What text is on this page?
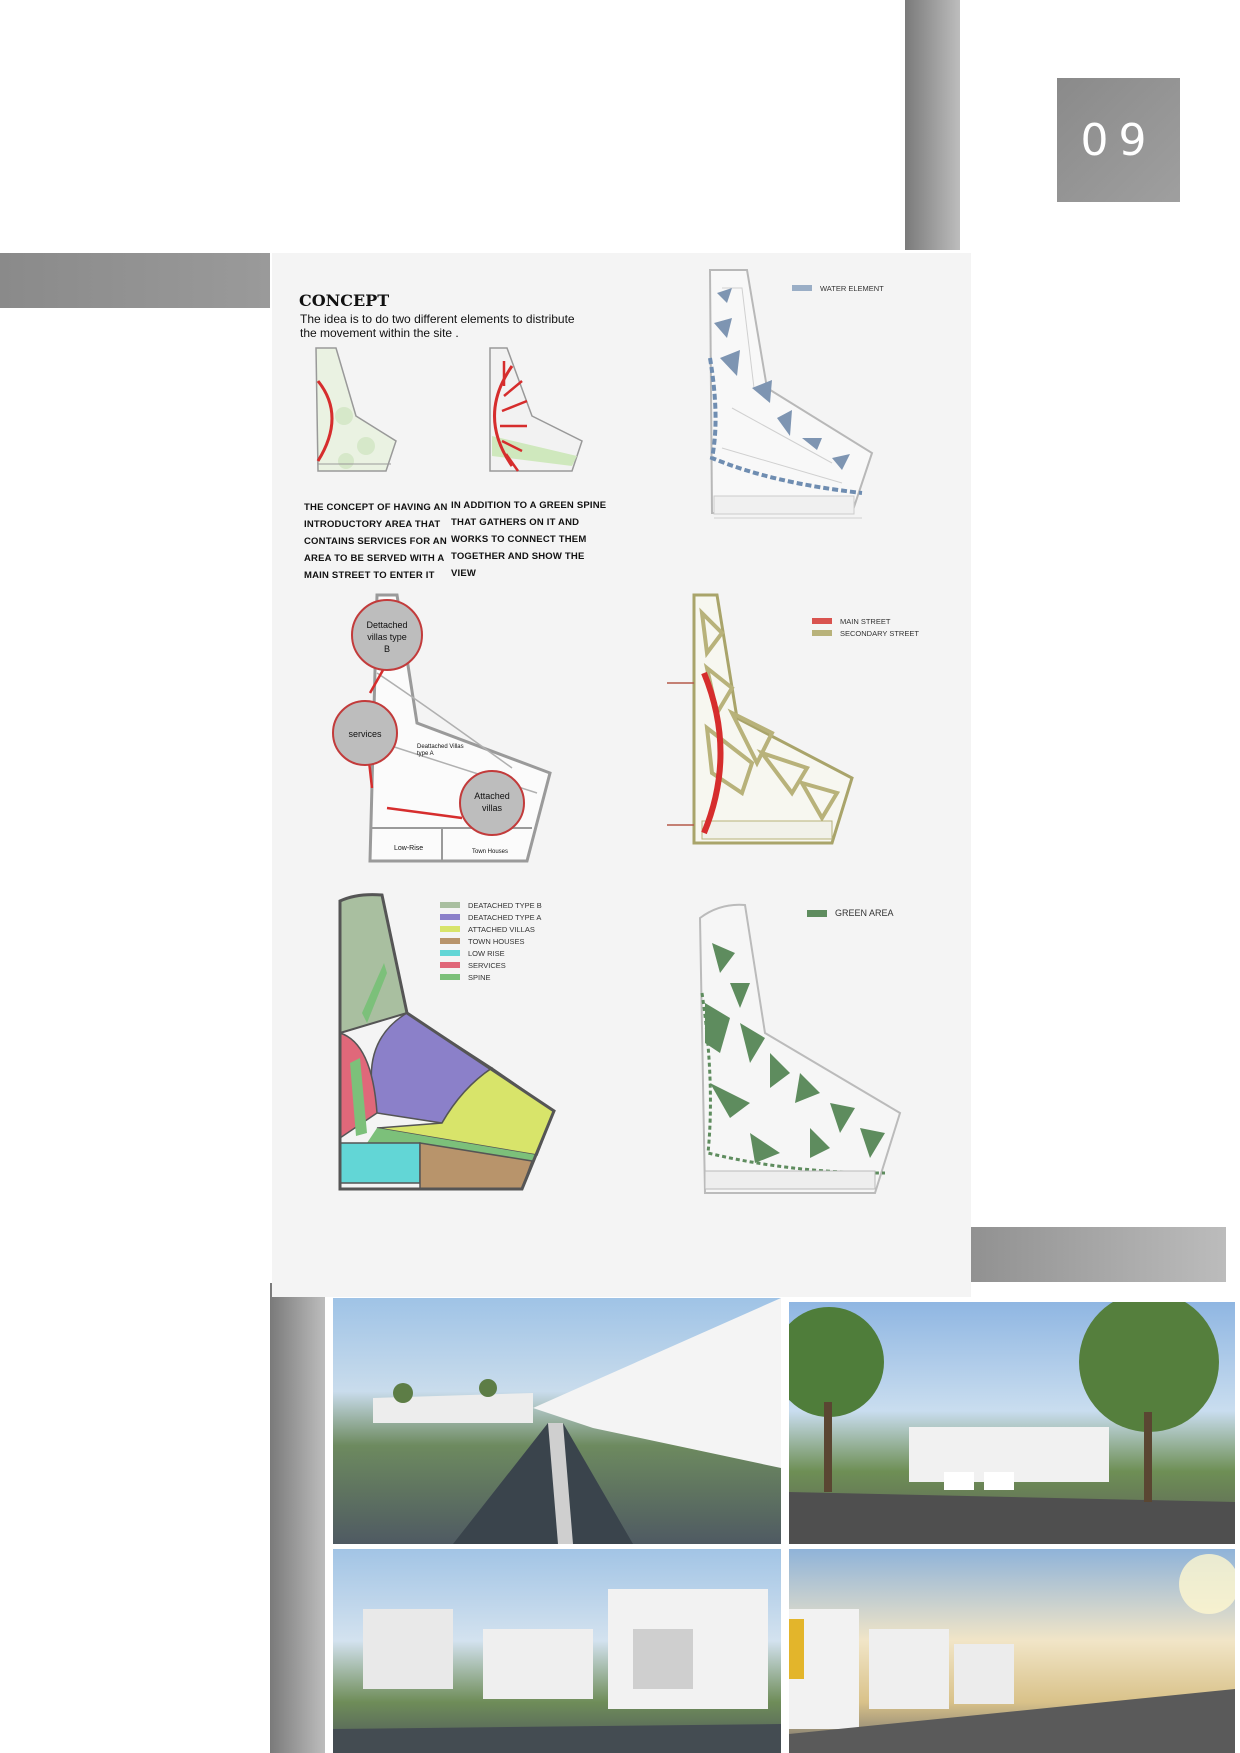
09
CONCEPT
The idea is to do two different elements to distribute the movement within the site .
THE CONCEPT OF HAVING AN INTRODUCTORY AREA THAT CONTAINS SERVICES FOR AN AREA TO BE SERVED WITH A MAIN STREET TO ENTER IT
IN ADDITION TO A GREEN SPINE THAT GATHERS ON IT AND WORKS TO CONNECT THEM TOGETHER AND SHOW THE VIEW
WATER ELEMENT
Dettached
villas type
B
services
Attached
villas
Deattached Villas
type A
Low-Rise	Town Houses
MAIN STREET
SECONDARY STREET
DEATACHED TYPE B
DEATACHED TYPE A
ATTACHED VILLAS
TOWN HOUSES
LOW RISE
SERVICES
SPINE
GREEN AREA
